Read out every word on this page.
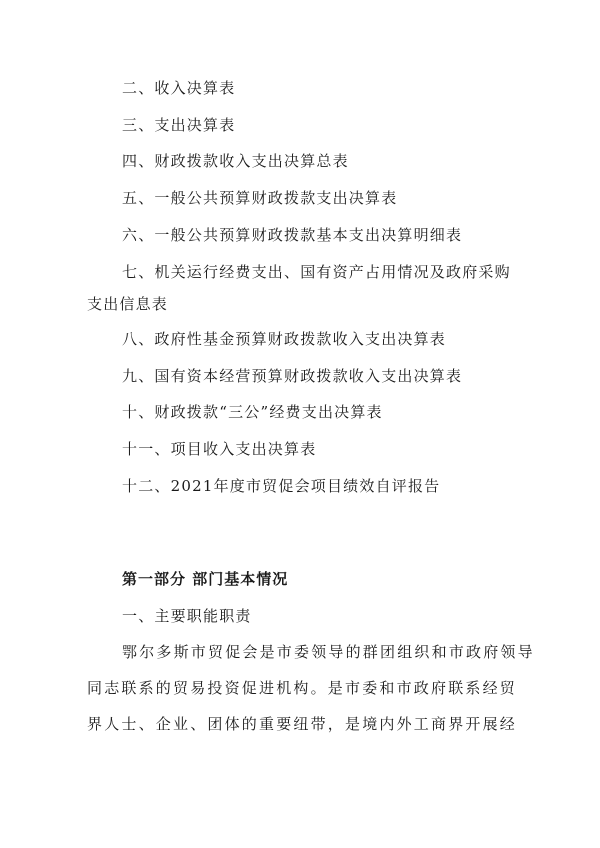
二、收入决算表
三、支出决算表
四、财政拨款收入支出决算总表
五、一般公共预算财政拨款支出决算表
六、一般公共预算财政拨款基本支出决算明细表
七、机关运行经费支出、国有资产占用情况及政府采购
支出信息表
八、政府性基金预算财政拨款收入支出决算表
九、国有资本经营预算财政拨款收入支出决算表
十、财政拨款“三公”经费支出决算表
十一、项目收入支出决算表
十二、2021年度市贸促会项目绩效自评报告
第一部分 部门基本情况
一、主要职能职责
鄂尔多斯市贸促会是市委领导的群团组织和市政府领导
同志联系的贸易投资促进机构。是市委和市政府联系经贸
界人士、企业、团体的重要纽带，是境内外工商界开展经
